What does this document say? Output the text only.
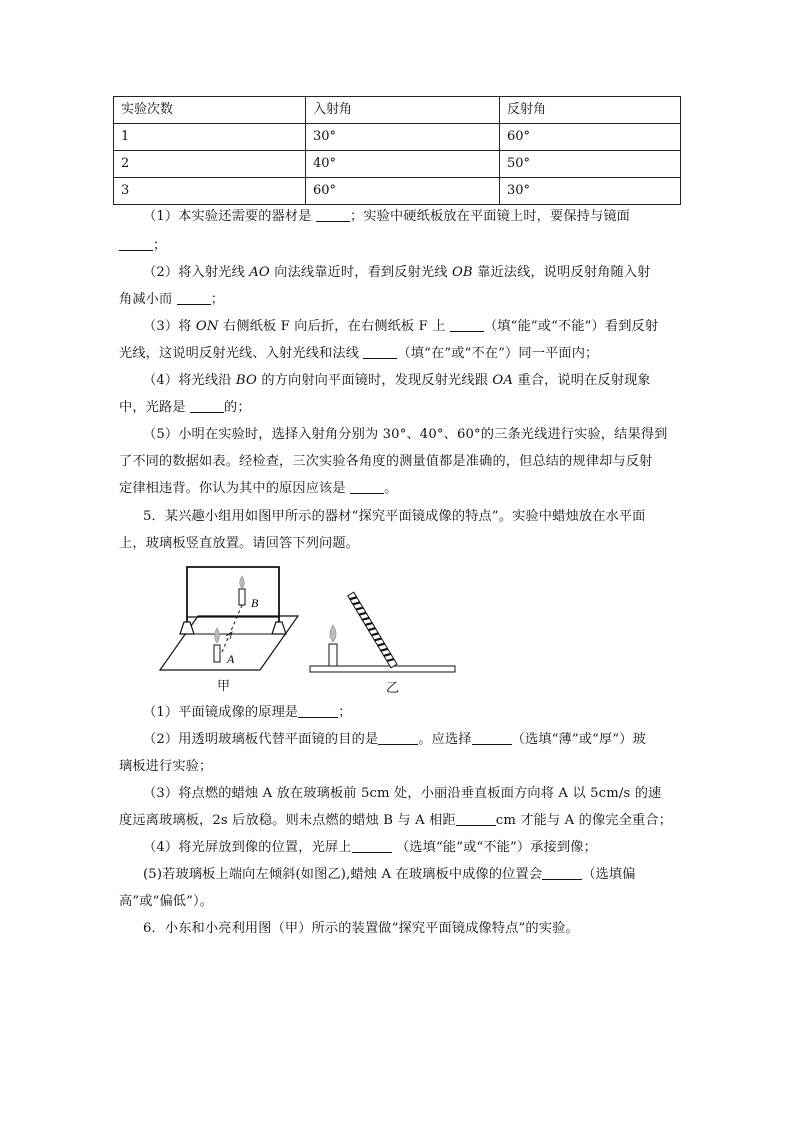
实验次数	入射角	反射角
1	30°	60°
2	40°	50°
3	60°	30°
（1）本实验还需要的器材是	；实验中硬纸板放在平面镜上时，要保持与镜面
；
（2）将入射光线 AO 向法线靠近时，看到反射光线 OB 靠近法线，说明反射角随入射
角减小而	；
（3）将 ON 右侧纸板 F 向后折，在右侧纸板 F 上	（填“能”或“不能”）看到反射
光线，这说明反射光线、入射光线和法线	（填“在”或“不在”）同一平面内；
（4）将光线沿 BO 的方向射向平面镜时，发现反射光线跟 OA 重合，说明在反射现象
中，光路是	的；
（5）小明在实验时，选择入射角分别为 30°、40°、60°的三条光线进行实验，结果得到
了不同的数据如表。经检查，三次实验各角度的测量值都是准确的，但总结的规律却与反射
定律相违背。你认为其中的原因应该是	。
5．某兴趣小组用如图甲所示的器材“探究平面镜成像的特点”。实验中蜡烛放在水平面
上，玻璃板竖直放置。请回答下列问题。
B
A
甲	乙
（1）平面镜成像的原理是	；
（2）用透明玻璃板代替平面镜的目的是	。应选择	（选填“薄”或“厚”）玻
璃板进行实验；
（3）将点燃的蜡烛 A 放在玻璃板前 5cm 处，小丽沿垂直板面方向将 A 以 5cm/s 的速
度远离玻璃板，2s 后放稳。则未点燃的蜡烛 B 与 A 相距	cm 才能与 A 的像完全重合；
（4）将光屏放到像的位置，光屏上	（选填“能”或“不能”）承接到像；
(5)若玻璃板上端向左倾斜(如图乙),蜡烛 A 在玻璃板中成像的位置会	（选填偏
高”或“偏低”）。
6．小东和小亮利用图（甲）所示的装置做“探究平面镜成像特点”的实验。
